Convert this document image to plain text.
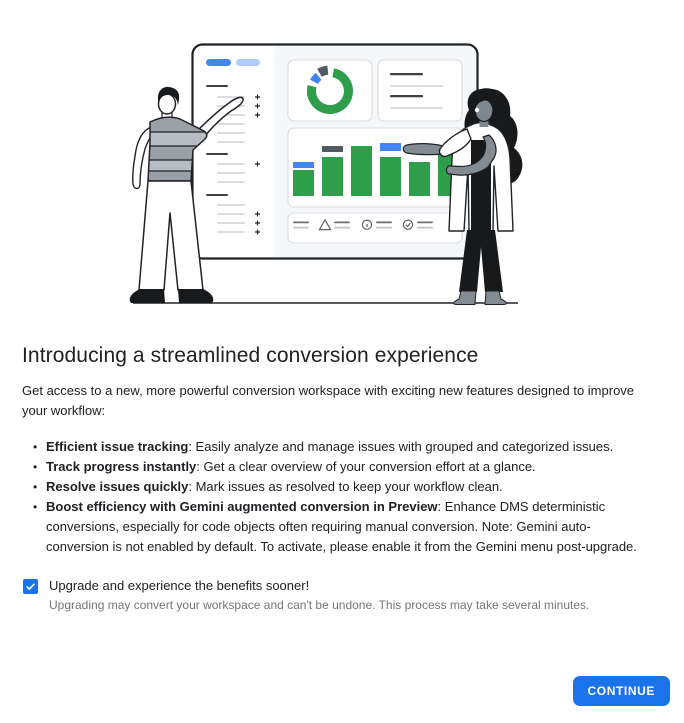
Introducing a streamlined conversion experience

Get access to a new, more powerful conversion workspace with exciting new features designed to improve your workflow:

• Efficient issue tracking: Easily analyze and manage issues with grouped and categorized issues.
• Track progress instantly: Get a clear overview of your conversion effort at a glance.
• Resolve issues quickly: Mark issues as resolved to keep your workflow clean.
• Boost efficiency with Gemini augmented conversion in Preview: Enhance DMS deterministic conversions, especially for code objects often requiring manual conversion. Note: Gemini auto-conversion is not enabled by default. To activate, please enable it from the Gemini menu post-upgrade.
Upgrade and experience the benefits sooner!
Upgrading may convert your workspace and can't be undone. This process may take several minutes.
CONTINUE
